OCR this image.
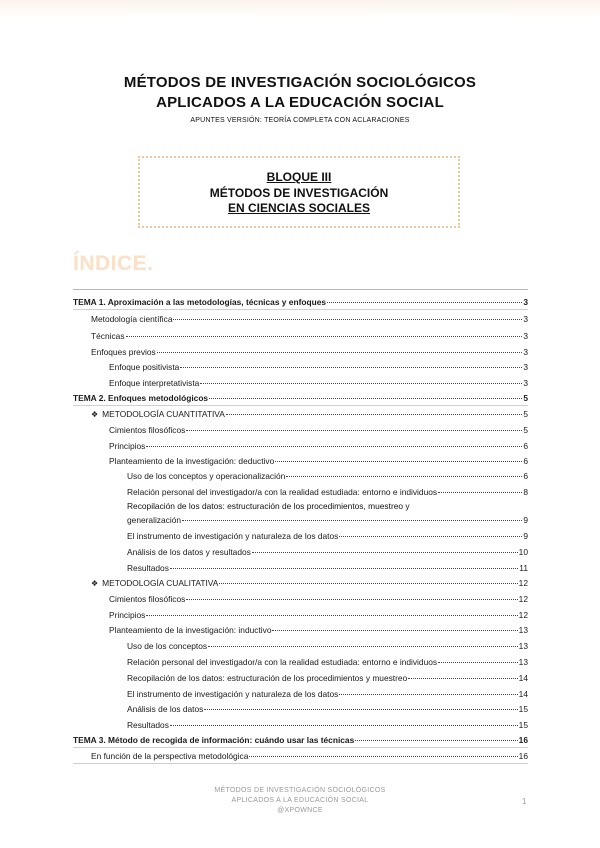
MÉTODOS DE INVESTIGACIÓN SOCIOLÓGICOS
APLICADOS A LA EDUCACIÓN SOCIAL
APUNTES VERSIÓN: TEORÍA COMPLETA CON ACLARACIONES
BLOQUE III
MÉTODOS DE INVESTIGACIÓN
EN CIENCIAS SOCIALES
ÍNDICE.
TEMA 1. Aproximación a las metodologías, técnicas y enfoques	3
Metodología científica	3
Técnicas	3
Enfoques previos	3
Enfoque positivista	3
Enfoque interpretativista	3
TEMA 2. Enfoques metodológicos	5
❖ METODOLOGÍA CUANTITATIVA	5
Cimientos filosóficos	5
Principios	6
Planteamiento de la investigación: deductivo	6
Uso de los conceptos y operacionalización	6
Relación personal del investigador/a con la realidad estudiada: entorno e individuos	8
Recopilación de los datos: estructuración de los procedimientos, muestreo y
generalización	9
El instrumento de investigación y naturaleza de los datos	9
Análisis de los datos y resultados	10
Resultados	11
❖ METODOLOGÍA CUALITATIVA	12
Cimientos filosóficos	12
Principios	12
Planteamiento de la investigación: inductivo	13
Uso de los conceptos	13
Relación personal del investigador/a con la realidad estudiada: entorno e individuos	13
Recopilación de los datos: estructuración de los procedimientos y muestreo	14
El instrumento de investigación y naturaleza de los datos	14
Análisis de los datos	15
Resultados	15
TEMA 3. Método de recogida de información: cuándo usar las técnicas	16
En función de la perspectiva metodológica	16
MÉTODOS DE INVESTIGACIÓN SOCIOLÓGICOS
APLICADOS A LA EDUCACIÓN SOCIAL
@XPOWNCE
1
